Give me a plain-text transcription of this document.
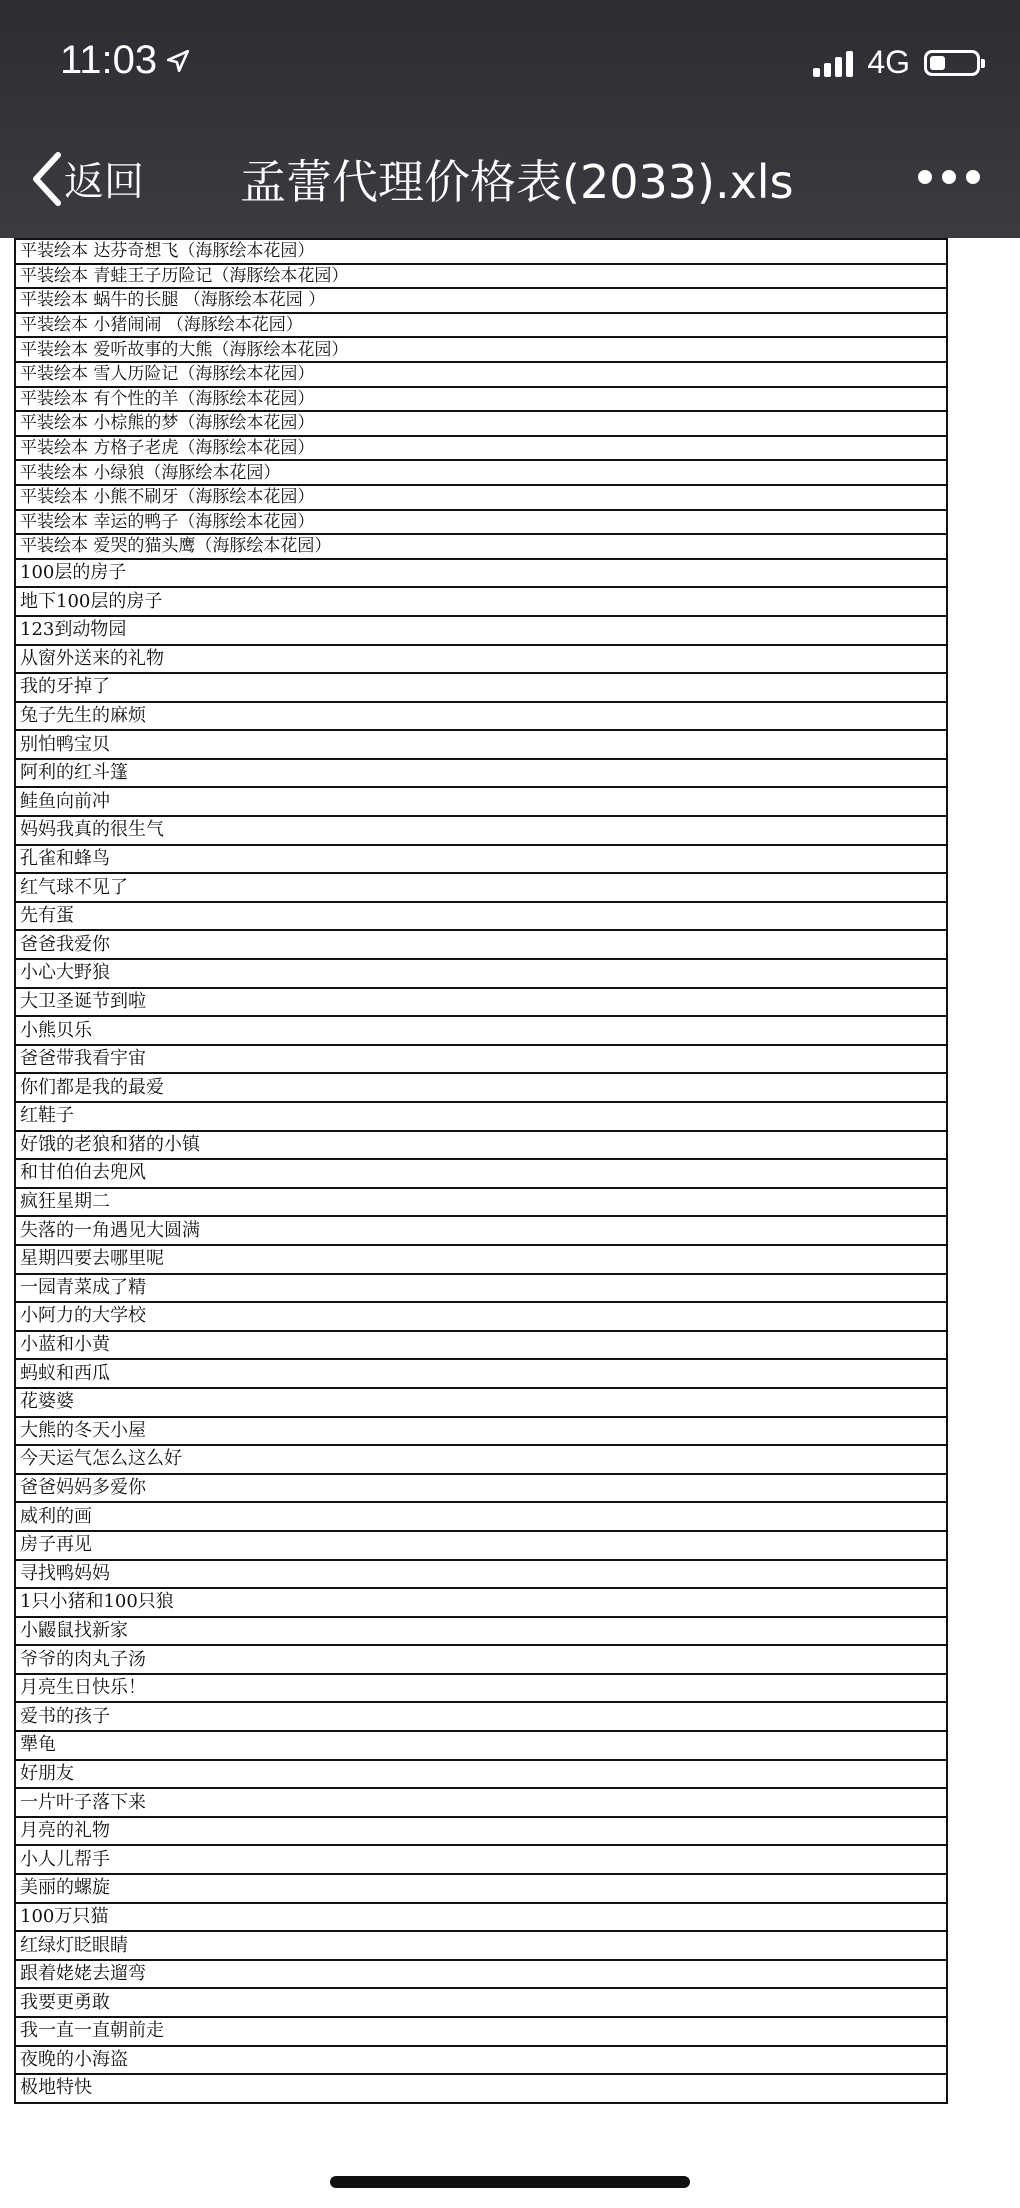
11:03	4G
返回 孟蕾代理价格表(2033).xls
平装绘本 达芬奇想飞（海豚绘本花园）
平装绘本 青蛙王子历险记（海豚绘本花园）
平装绘本 蜗牛的长腿 （海豚绘本花园 ）
平装绘本 小猪闹闹 （海豚绘本花园）
平装绘本 爱听故事的大熊（海豚绘本花园）
平装绘本 雪人历险记（海豚绘本花园）
平装绘本 有个性的羊（海豚绘本花园）
平装绘本 小棕熊的梦（海豚绘本花园）
平装绘本 方格子老虎（海豚绘本花园）
平装绘本 小绿狼（海豚绘本花园）
平装绘本 小熊不刷牙（海豚绘本花园）
平装绘本 幸运的鸭子（海豚绘本花园）
平装绘本 爱哭的猫头鹰（海豚绘本花园）
100层的房子
地下100层的房子
123到动物园
从窗外送来的礼物
我的牙掉了
兔子先生的麻烦
别怕鸭宝贝
阿利的红斗篷
鲑鱼向前冲
妈妈我真的很生气
孔雀和蜂鸟
红气球不见了
先有蛋
爸爸我爱你
小心大野狼
大卫圣诞节到啦
小熊贝乐
爸爸带我看宇宙
你们都是我的最爱
红鞋子
好饿的老狼和猪的小镇
和甘伯伯去兜风
疯狂星期二
失落的一角遇见大圆满
星期四要去哪里呢
一园青菜成了精
小阿力的大学校
小蓝和小黄
蚂蚁和西瓜
花婆婆
大熊的冬天小屋
今天运气怎么这么好
爸爸妈妈多爱你
威利的画
房子再见
寻找鸭妈妈
1只小猪和100只狼
小鼹鼠找新家
爷爷的肉丸子汤
月亮生日快乐！
爱书的孩子
犟龟
好朋友
一片叶子落下来
月亮的礼物
小人儿帮手
美丽的螺旋
100万只猫
红绿灯眨眼睛
跟着姥姥去遛弯
我要更勇敢
我一直一直朝前走
夜晚的小海盗
极地特快
